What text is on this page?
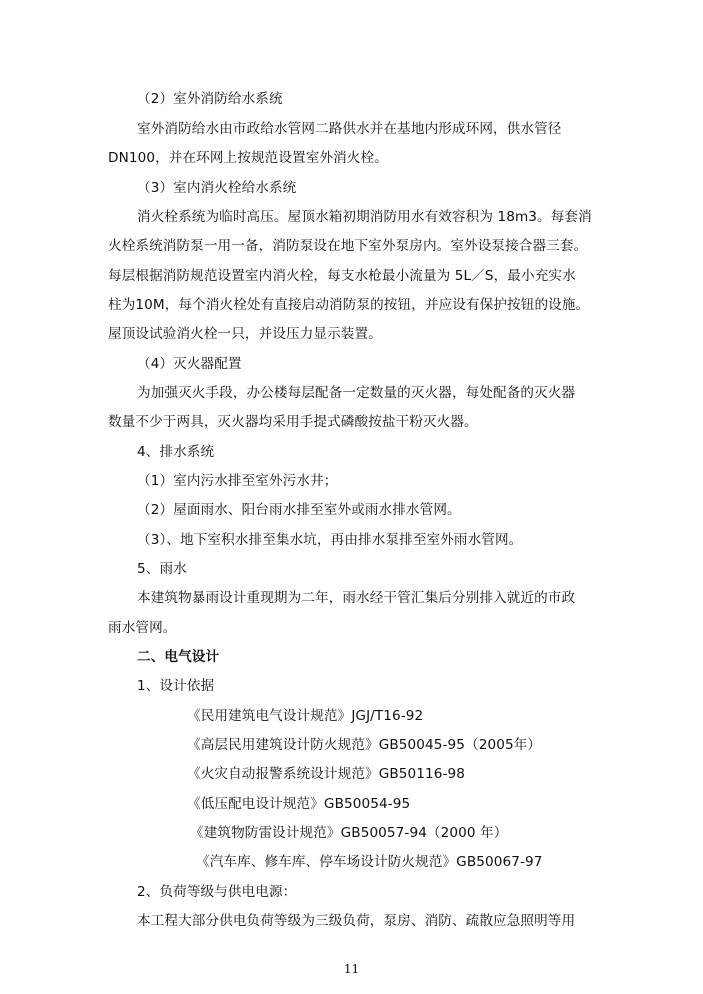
（2）室外消防给水系统
室外消防给水由市政给水管网二路供水并在基地内形成环网，供水管径
DN100，并在环网上按规范设置室外消火栓。
（3）室内消火栓给水系统
消火栓系统为临时高压。屋顶水箱初期消防用水有效容积为 18m3。每套消
火栓系统消防泵一用一备，消防泵设在地下室外泵房内。室外设泵接合器三套。
每层根据消防规范设置室内消火栓，每支水枪最小流量为 5L／S，最小充实水
柱为10M，每个消火栓处有直接启动消防泵的按钮，并应设有保护按钮的设施。
屋顶设试验消火栓一只，并设压力显示装置。
（4）灭火器配置
为加强灭火手段，办公楼每层配备一定数量的灭火器，每处配备的灭火器
数量不少于两具，灭火器均采用手提式磷酸按盐干粉灭火器。
4、排水系统
（1）室内污水排至室外污水井；
（2）屋面雨水、阳台雨水排至室外或雨水排水管网。
（3）、地下室积水排至集水坑，再由排水泵排至室外雨水管网。
5、雨水
本建筑物暴雨设计重现期为二年，雨水经干管汇集后分别排入就近的市政
雨水管网。
二、电气设计
1、设计依据
《民用建筑电气设计规范》JGJ/T16-92
《高层民用建筑设计防火规范》GB50045-95（2005年）
《火灾自动报警系统设计规范》GB50116-98
《低压配电设计规范》GB50054-95
《建筑物防雷设计规范》GB50057-94（2000 年）
《汽车库、修车库、停车场设计防火规范》GB50067-97
2、负荷等级与供电电源：
本工程大部分供电负荷等级为三级负荷，泵房、消防、疏散应急照明等用
11
